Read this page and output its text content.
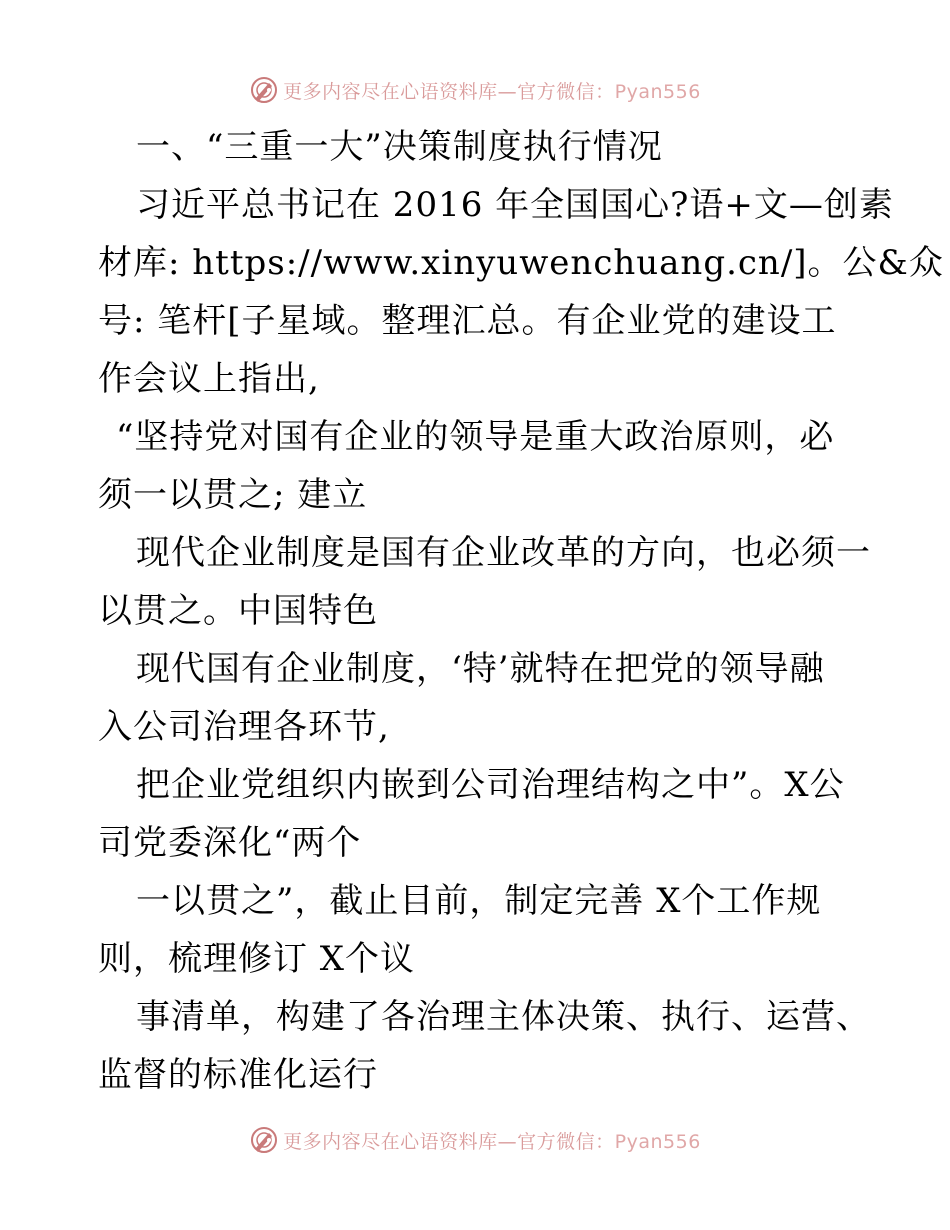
更多内容尽在心语资料库—官方微信：Pyan556
一、“三重一大”决策制度执行情况
习近平总书记在 2016 年全国国心?语+文—创素
材库: https://www.xinyuwenchuang.cn/]。公&众
号: 笔杆[子星域。整理汇总。有企业党的建设工
作会议上指出,
“坚持党对国有企业的领导是重大政治原则，必
须一以贯之; 建立
现代企业制度是国有企业改革的方向，也必须一
以贯之。中国特色
现代国有企业制度，‘特’就特在把党的领导融
入公司治理各环节,
把企业党组织内嵌到公司治理结构之中”。X公
司党委深化“两个
一以贯之”，截止目前，制定完善 X个工作规
则，梳理修订 X个议
事清单，构建了各治理主体决策、执行、运营、
监督的标准化运行
更多内容尽在心语资料库—官方微信：Pyan556
